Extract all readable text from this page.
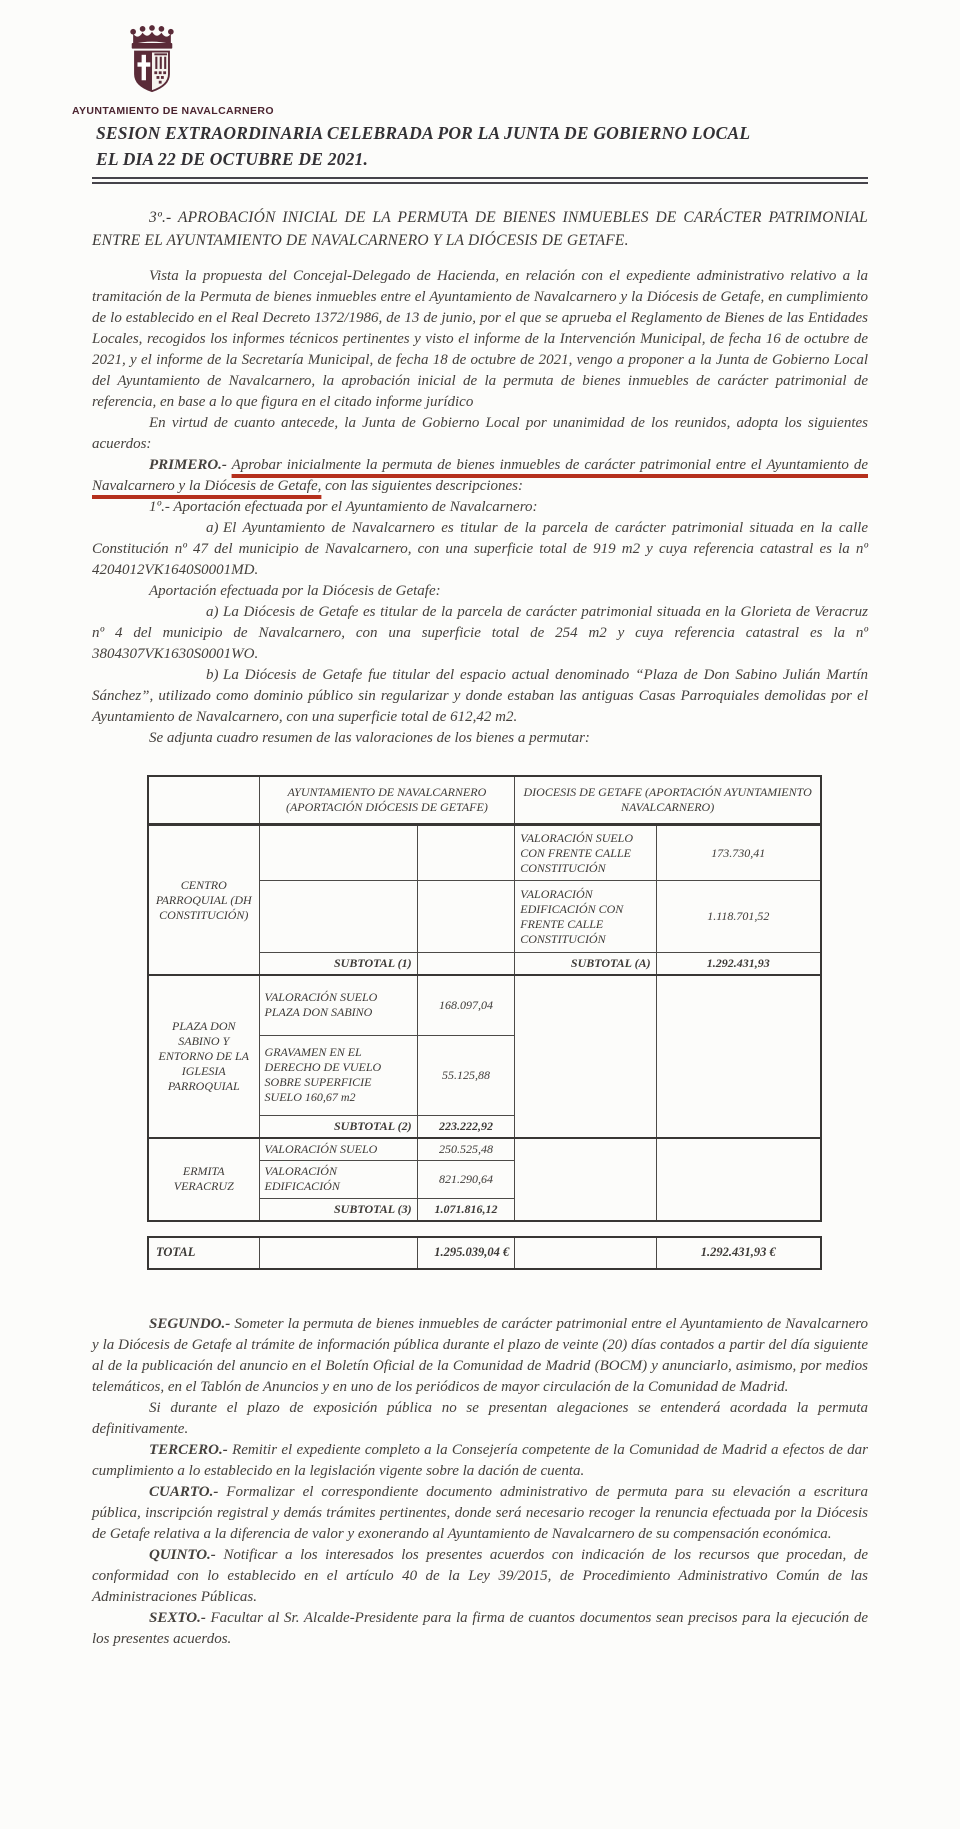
AYUNTAMIENTO DE NAVALCARNERO
SESION EXTRAORDINARIA CELEBRADA POR LA JUNTA DE GOBIERNO LOCAL
EL DIA 22 DE OCTUBRE DE 2021.

3º.- APROBACIÓN INICIAL DE LA PERMUTA DE BIENES INMUEBLES DE CARÁCTER PATRIMONIAL ENTRE EL AYUNTAMIENTO DE NAVALCARNERO Y LA DIÓCESIS DE GETAFE.

Vista la propuesta del Concejal-Delegado de Hacienda, en relación con el expediente administrativo relativo a la tramitación de la Permuta de bienes inmuebles entre el Ayuntamiento de Navalcarnero y la Diócesis de Getafe, en cumplimiento de lo establecido en el Real Decreto 1372/1986, de 13 de junio, por el que se aprueba el Reglamento de Bienes de las Entidades Locales, recogidos los informes técnicos pertinentes y visto el informe de la Intervención Municipal, de fecha 16 de octubre de 2021, y el informe de la Secretaría Municipal, de fecha 18 de octubre de 2021, vengo a proponer a la Junta de Gobierno Local del Ayuntamiento de Navalcarnero, la aprobación inicial de la permuta de bienes inmuebles de carácter patrimonial de referencia, en base a lo que figura en el citado informe jurídico

En virtud de cuanto antecede, la Junta de Gobierno Local por unanimidad de los reunidos, adopta los siguientes acuerdos:

PRIMERO.- Aprobar inicialmente la permuta de bienes inmuebles de carácter patrimonial entre el Ayuntamiento de Navalcarnero y la Diócesis de Getafe, con las siguientes descripciones:

1º.- Aportación efectuada por el Ayuntamiento de Navalcarnero:

a) El Ayuntamiento de Navalcarnero es titular de la parcela de carácter patrimonial situada en la calle Constitución nº 47 del municipio de Navalcarnero, con una superficie total de 919 m2 y cuya referencia catastral es la nº 4204012VK1640S0001MD.

Aportación efectuada por la Diócesis de Getafe:

a) La Diócesis de Getafe es titular de la parcela de carácter patrimonial situada en la Glorieta de Veracruz nº 4 del municipio de Navalcarnero, con una superficie total de 254 m2 y cuya referencia catastral es la nº 3804307VK1630S0001WO.

b) La Diócesis de Getafe fue titular del espacio actual denominado “Plaza de Don Sabino Julián Martín Sánchez”, utilizado como dominio público sin regularizar y donde estaban las antiguas Casas Parroquiales demolidas por el Ayuntamiento de Navalcarnero, con una superficie total de 612,42 m2.

Se adjunta cuadro resumen de las valoraciones de los bienes a permutar:

	AYUNTAMIENTO DE NAVALCARNERO (APORTACIÓN DIÓCESIS DE GETAFE)		DIOCESIS DE GETAFE (APORTACIÓN AYUNTAMIENTO NAVALCARNERO)	
CENTRO PARROQUIAL (DH CONSTITUCIÓN)			VALORACIÓN SUELO CON FRENTE CALLE CONSTITUCIÓN	173.730,41
			VALORACIÓN EDIFICACIÓN CON FRENTE CALLE CONSTITUCIÓN	1.118.701,52
	SUBTOTAL (1)		SUBTOTAL (A)	1.292.431,93
PLAZA DON SABINO Y ENTORNO DE LA IGLESIA PARROQUIAL	VALORACIÓN SUELO PLAZA DON SABINO	168.097,04		
	GRAVAMEN EN EL DERECHO DE VUELO SOBRE SUPERFICIE SUELO 160,67 m2	55.125,88		
	SUBTOTAL (2)	223.222,92		
ERMITA VERACRUZ	VALORACIÓN SUELO	250.525,48		
	VALORACIÓN EDIFICACIÓN	821.290,64		
	SUBTOTAL (3)	1.071.816,12		
TOTAL		1.295.039,04 €		1.292.431,93 €

SEGUNDO.- Someter la permuta de bienes inmuebles de carácter patrimonial entre el Ayuntamiento de Navalcarnero y la Diócesis de Getafe al trámite de información pública durante el plazo de veinte (20) días contados a partir del día siguiente al de la publicación del anuncio en el Boletín Oficial de la Comunidad de Madrid (BOCM) y anunciarlo, asimismo, por medios telemáticos, en el Tablón de Anuncios y en uno de los periódicos de mayor circulación de la Comunidad de Madrid.

Si durante el plazo de exposición pública no se presentan alegaciones se entenderá acordada la permuta definitivamente.

TERCERO.- Remitir el expediente completo a la Consejería competente de la Comunidad de Madrid a efectos de dar cumplimiento a lo establecido en la legislación vigente sobre la dación de cuenta.

CUARTO.- Formalizar el correspondiente documento administrativo de permuta para su elevación a escritura pública, inscripción registral y demás trámites pertinentes, donde será necesario recoger la renuncia efectuada por la Diócesis de Getafe relativa a la diferencia de valor y exonerando al Ayuntamiento de Navalcarnero de su compensación económica.

QUINTO.- Notificar a los interesados los presentes acuerdos con indicación de los recursos que procedan, de conformidad con lo establecido en el artículo 40 de la Ley 39/2015, de Procedimiento Administrativo Común de las Administraciones Públicas.

SEXTO.- Facultar al Sr. Alcalde-Presidente para la firma de cuantos documentos sean precisos para la ejecución de los presentes acuerdos.
